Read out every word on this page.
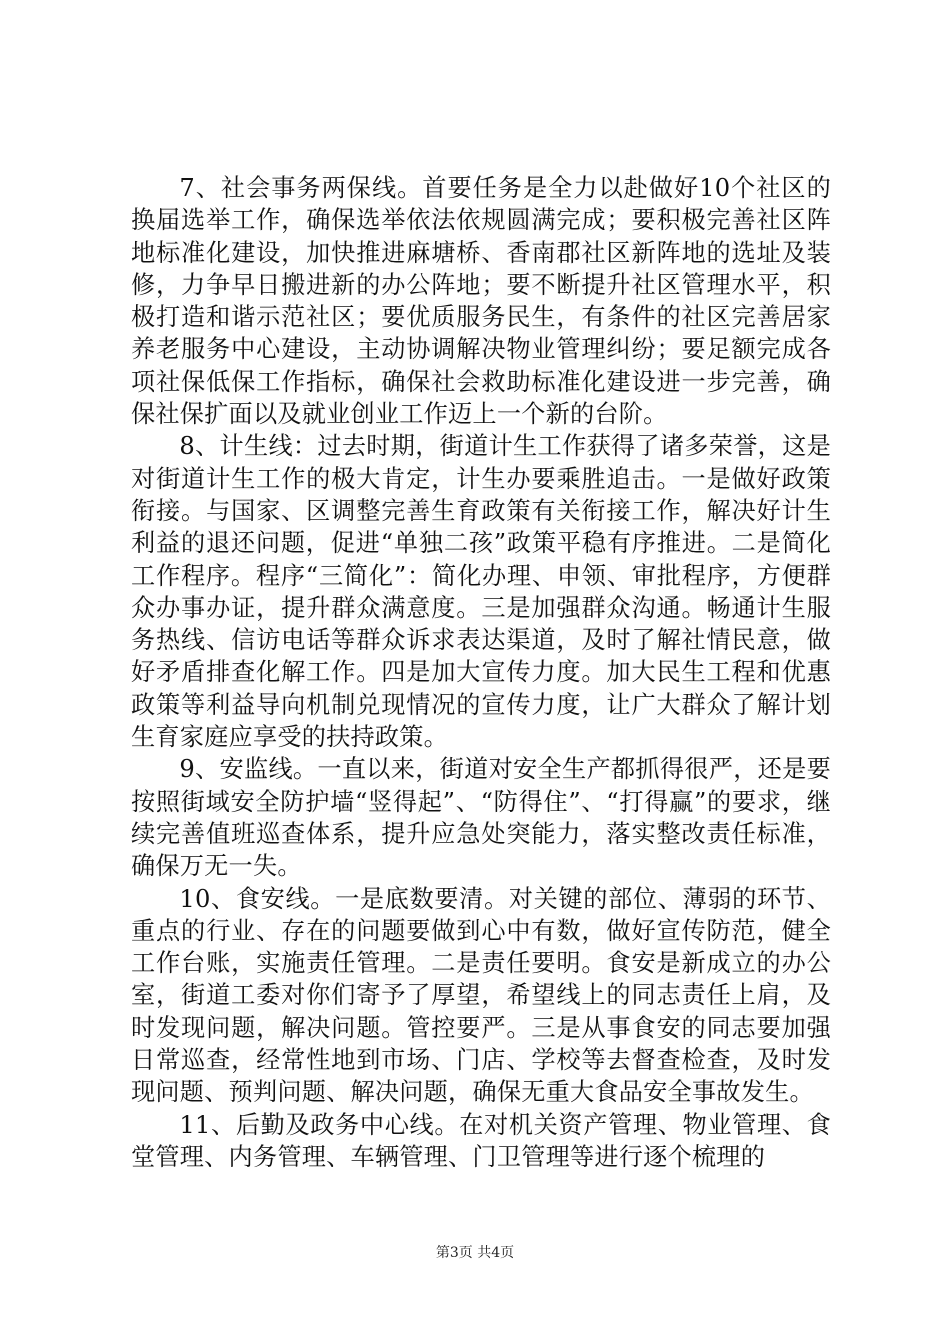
7、社会事务两保线。首要任务是全力以赴做好10个社区的换届选举工作，确保选举依法依规圆满完成；要积极完善社区阵地标准化建设，加快推进麻塘桥、香南郡社区新阵地的选址及装修，力争早日搬进新的办公阵地；要不断提升社区管理水平，积极打造和谐示范社区；要优质服务民生，有条件的社区完善居家养老服务中心建设，主动协调解决物业管理纠纷；要足额完成各项社保低保工作指标，确保社会救助标准化建设进一步完善，确保社保扩面以及就业创业工作迈上一个新的台阶。

8、计生线：过去时期，街道计生工作获得了诸多荣誉，这是对街道计生工作的极大肯定，计生办要乘胜追击。一是做好政策衔接。与国家、区调整完善生育政策有关衔接工作，解决好计生利益的退还问题，促进“单独二孩”政策平稳有序推进。二是简化工作程序。程序“三简化”：简化办理、申领、审批程序，方便群众办事办证，提升群众满意度。三是加强群众沟通。畅通计生服务热线、信访电话等群众诉求表达渠道，及时了解社情民意，做好矛盾排查化解工作。四是加大宣传力度。加大民生工程和优惠政策等利益导向机制兑现情况的宣传力度，让广大群众了解计划生育家庭应享受的扶持政策。

9、安监线。一直以来，街道对安全生产都抓得很严，还是要按照街域安全防护墙“竖得起”、“防得住”、“打得赢”的要求，继续完善值班巡查体系，提升应急处突能力，落实整改责任标准，确保万无一失。

10、食安线。一是底数要清。对关键的部位、薄弱的环节、重点的行业、存在的问题要做到心中有数，做好宣传防范，健全工作台账，实施责任管理。二是责任要明。食安是新成立的办公室，街道工委对你们寄予了厚望，希望线上的同志责任上肩，及时发现问题，解决问题。管控要严。三是从事食安的同志要加强日常巡查，经常性地到市场、门店、学校等去督查检查，及时发现问题、预判问题、解决问题，确保无重大食品安全事故发生。

11、后勤及政务中心线。在对机关资产管理、物业管理、食堂管理、内务管理、车辆管理、门卫管理等进行逐个梳理的

第3页 共4页
